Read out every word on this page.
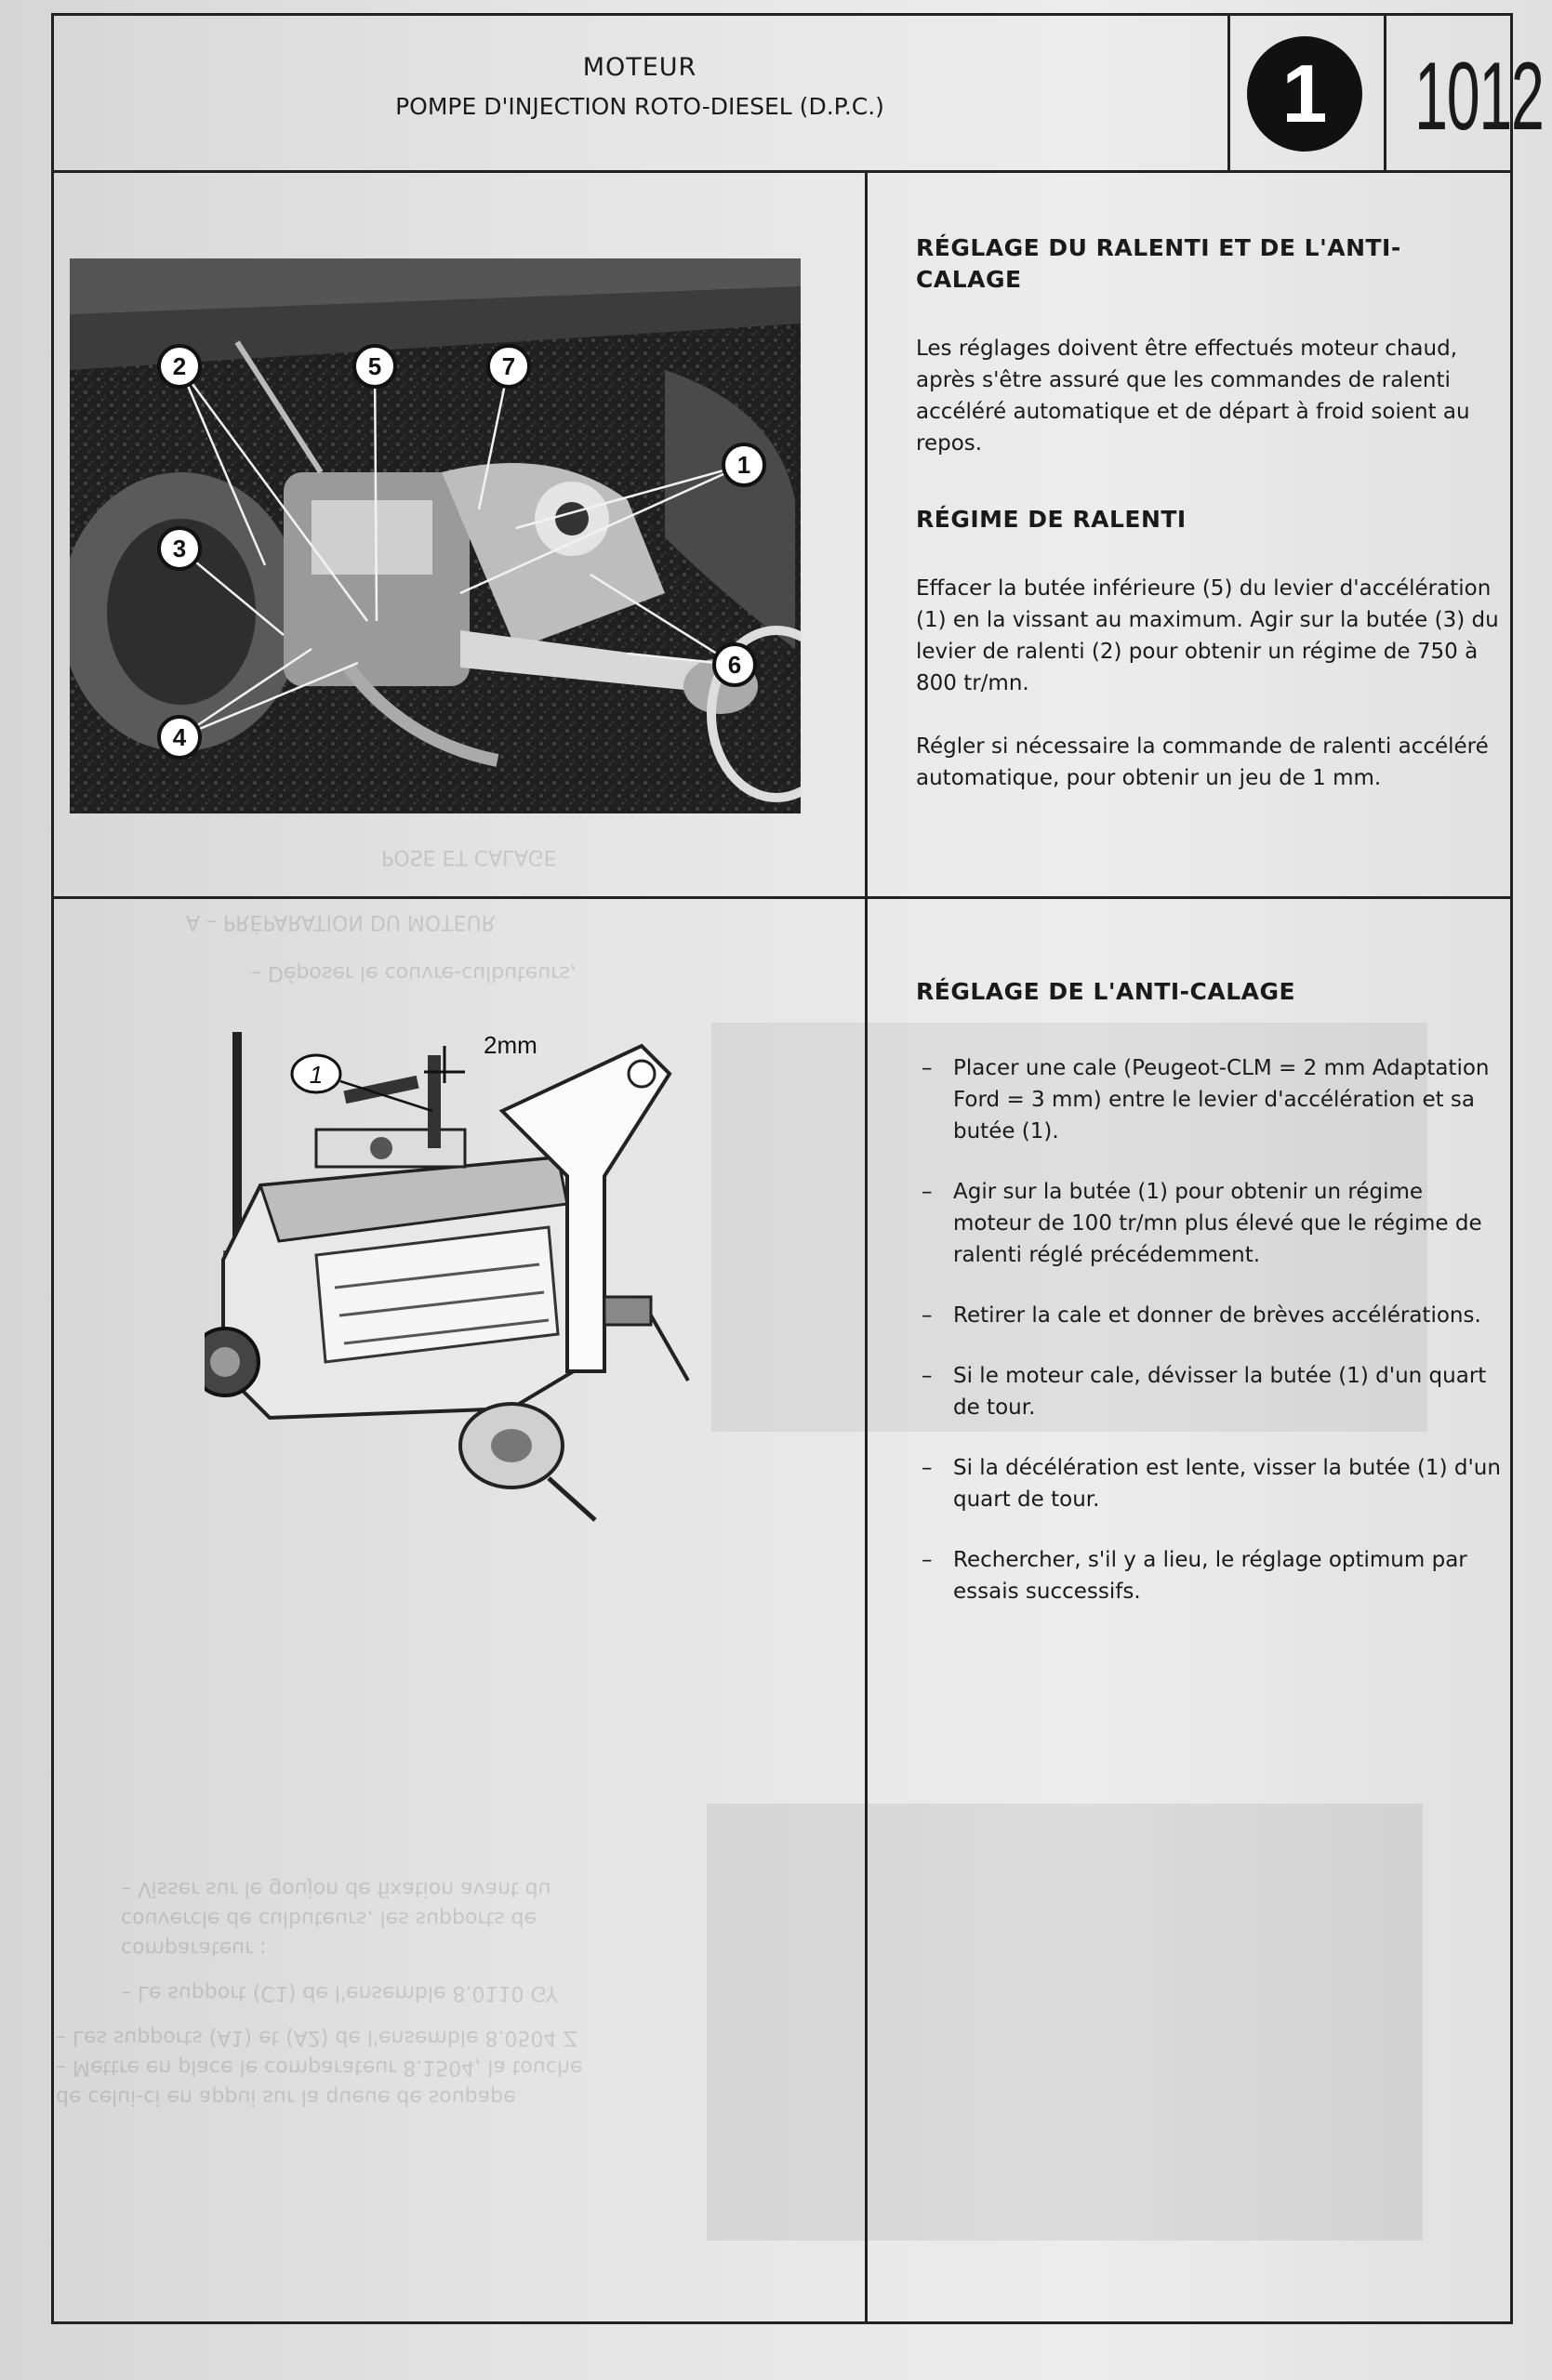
POSE ET CALAGE
A – PRÉPARATION DU MOTEUR
– Déposer le couvre-culbuteurs,
– Visser sur le goujon de fixation avant du
couvercle de culbuteurs, les supports de
comparateur :
– Le support (C1) de l'ensemble 8.0110 GY
– Les supports (A1) et (A2) de l'ensemble 8.0504 Z
– Mettre en place le comparateur 8.1504, la touche
de celui-ci en appui sur la queue de soupape
MOTEUR
POMPE D'INJECTION ROTO-DIESEL (D.P.C.)	1 1012
2	5	7
1
3
6
4
2mm
1
RÉGLAGE DU RALENTI ET DE L'ANTI-CALAGE

Les réglages doivent être effectués moteur chaud, après s'être assuré que les commandes de ralenti accéléré automatique et de départ à froid soient au repos.

RÉGIME DE RALENTI

Effacer la butée inférieure (5) du levier d'accélération (1) en la vissant au maximum. Agir sur la butée (3) du levier de ralenti (2) pour obtenir un régime de 750 à 800 tr/mn.

Régler si nécessaire la commande de ralenti accéléré automatique, pour obtenir un jeu de 1 mm.

RÉGLAGE DE L'ANTI-CALAGE
– Placer une cale (Peugeot-CLM = 2 mm Adaptation Ford = 3 mm) entre le levier d'accélération et sa butée (1).
– Agir sur la butée (1) pour obtenir un régime moteur de 100 tr/mn plus élevé que le régime de ralenti réglé précédemment.
– Retirer la cale et donner de brèves accélérations.
– Si le moteur cale, dévisser la butée (1) d'un quart de tour.
– Si la décélération est lente, visser la butée (1) d'un quart de tour.
– Rechercher, s'il y a lieu, le réglage optimum par essais successifs.
